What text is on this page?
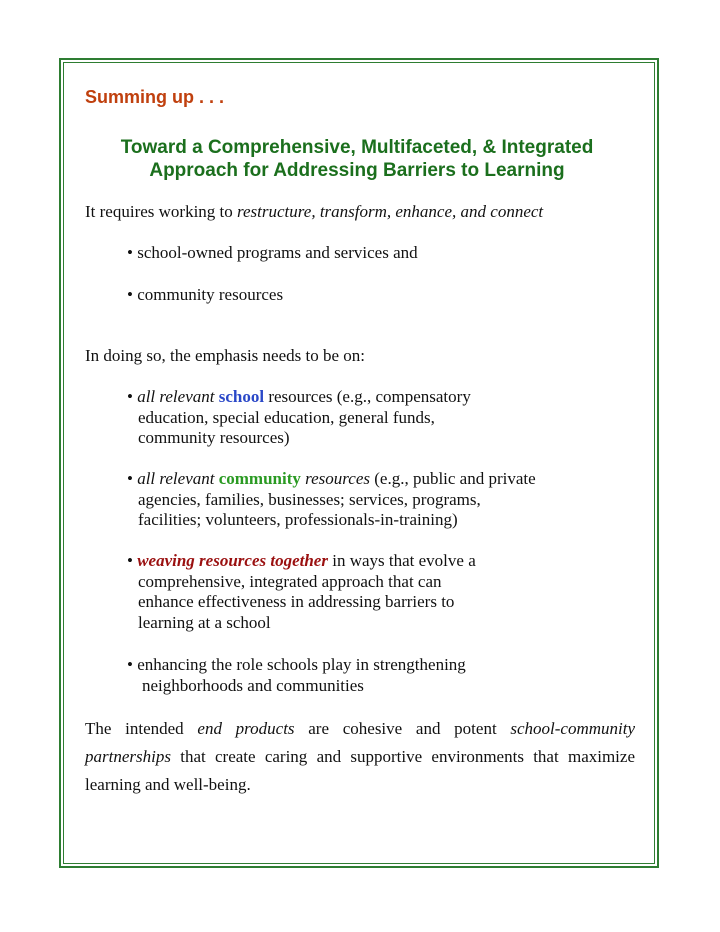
Summing up . . .
Toward a Comprehensive, Multifaceted, & Integrated
Approach for Addressing Barriers to Learning
It requires working to restructure, transform, enhance, and connect
• school-owned programs and services and
• community resources
In doing so, the emphasis needs to be on:
• all relevant school resources (e.g., compensatory
education, special education, general funds,
community resources)
• all relevant community resources (e.g., public and private
agencies, families, businesses; services, programs,
facilities; volunteers, professionals-in-training)
• weaving resources together in ways that evolve a
comprehensive, integrated approach that can
enhance effectiveness in addressing barriers to
learning at a school
• enhancing the role schools play in strengthening
neighborhoods and communities
The intended end products are cohesive and potent school-community partnerships that create caring and supportive environments that maximize learning and well-being.
